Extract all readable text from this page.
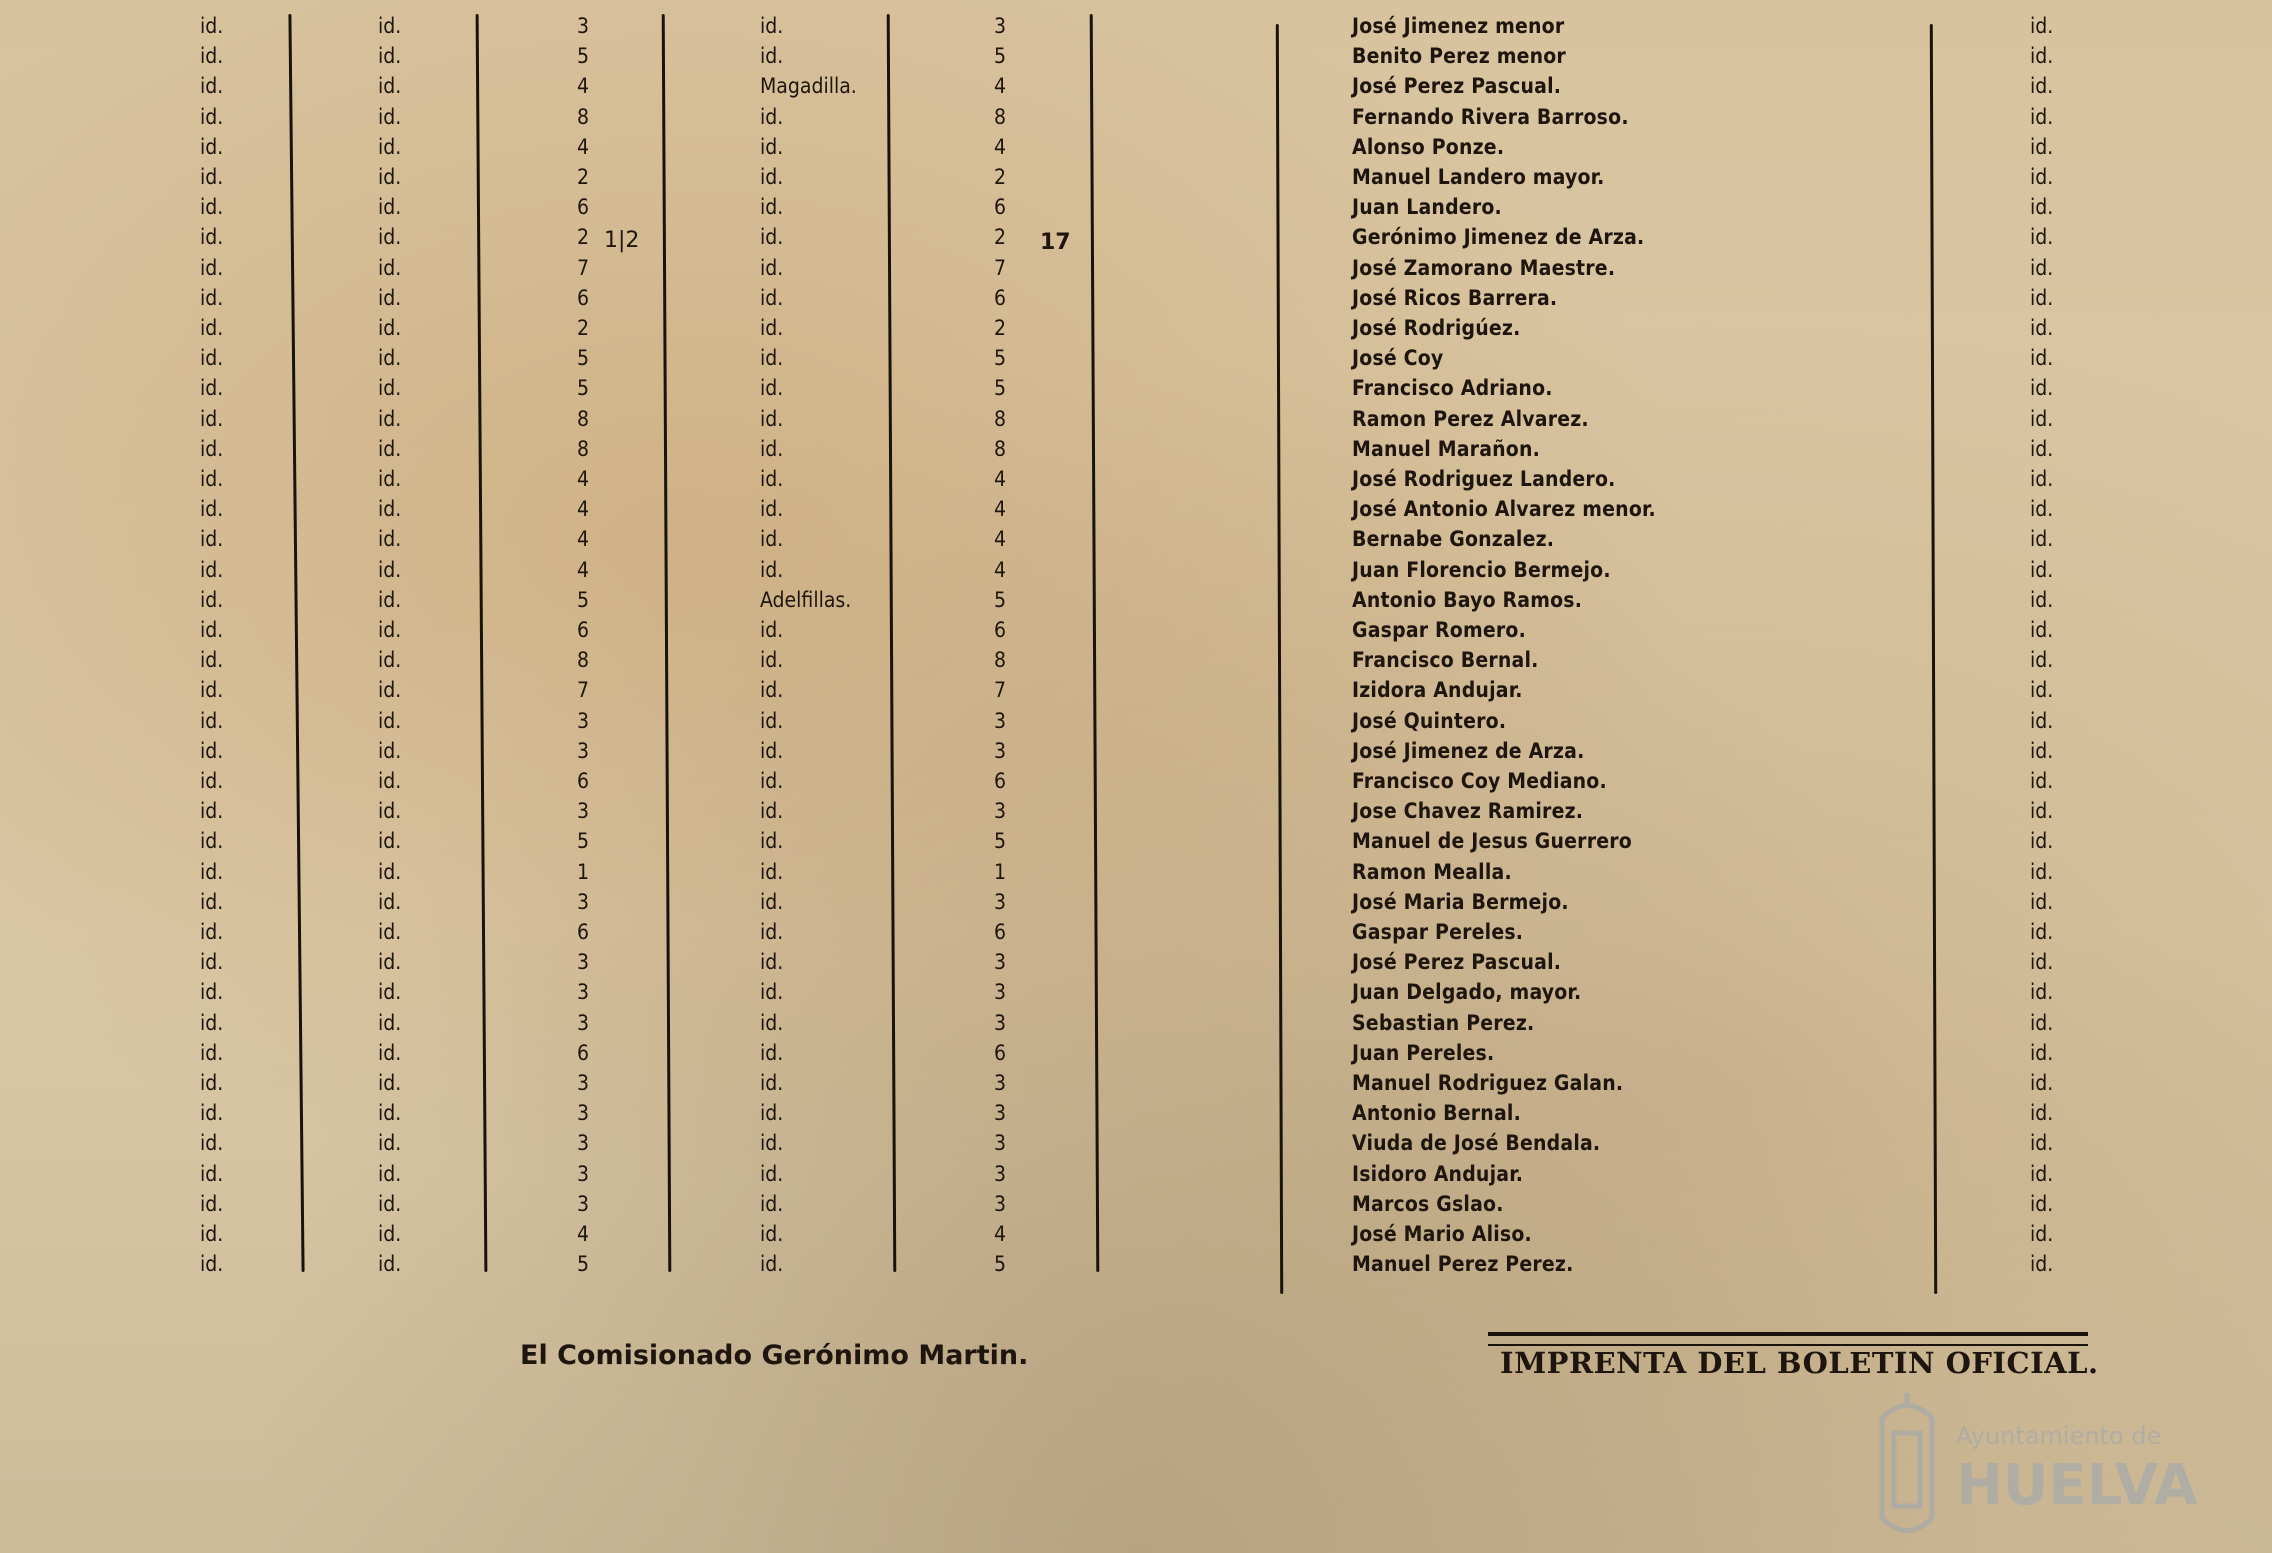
id.	id.	3	id.	3	José Jimenez menor	id.
id.	id.	5	id.	5	Benito Perez menor	id.
id.	id.	4	Magadilla.	4	José Perez Pascual.	id.
id.	id.	8	id.	8	Fernando Rivera Barroso.	id.
id.	id.	4	id.	4	Alonso Ponze.	id.
id.	id.	2	id.	2	Manuel Landero mayor.	id.
id.	id.	6	id.	6	Juan Landero.	id.
id.	id.	2	id.	2	Gerónimo Jimenez de Arza.	id.
id.	id.	7	id.	7	José Zamorano Maestre.	id.
id.	id.	6	id.	6	José Ricos Barrera.	id.
id.	id.	2	id.	2	José Rodrigúez.	id.
id.	id.	5	id.	5	José Coy	id.
id.	id.	5	id.	5	Francisco Adriano.	id.
id.	id.	8	id.	8	Ramon Perez Alvarez.	id.
id.	id.	8	id.	8	Manuel Marañon.	id.
id.	id.	4	id.	4	José Rodriguez Landero.	id.
id.	id.	4	id.	4	José Antonio Alvarez menor.	id.
id.	id.	4	id.	4	Bernabe Gonzalez.	id.
id.	id.	4	id.	4	Juan Florencio Bermejo.	id.
id.	id.	5	Adelfillas.	5	Antonio Bayo Ramos.	id.
id.	id.	6	id.	6	Gaspar Romero.	id.
id.	id.	8	id.	8	Francisco Bernal.	id.
id.	id.	7	id.	7	Izidora Andujar.	id.
id.	id.	3	id.	3	José Quintero.	id.
id.	id.	3	id.	3	José Jimenez de Arza.	id.
id.	id.	6	id.	6	Francisco Coy Mediano.	id.
id.	id.	3	id.	3	Jose Chavez Ramirez.	id.
id.	id.	5	id.	5	Manuel de Jesus Guerrero	id.
id.	id.	1	id.	1	Ramon Mealla.	id.
id.	id.	3	id.	3	José Maria Bermejo.	id.
id.	id.	6	id.	6	Gaspar Pereles.	id.
id.	id.	3	id.	3	José Perez Pascual.	id.
id.	id.	3	id.	3	Juan Delgado, mayor.	id.
id.	id.	3	id.	3	Sebastian Perez.	id.
id.	id.	6	id.	6	Juan Pereles.	id.
id.	id.	3	id.	3	Manuel Rodriguez Galan.	id.
id.	id.	3	id.	3	Antonio Bernal.	id.
id.	id.	3	id.	3	Viuda de José Bendala.	id.
id.	id.	3	id.	3	Isidoro Andujar.	id.
id.	id.	3	id.	3	Marcos Gslao.	id.
id.	id.	4	id.	4	José Mario Aliso.	id.
id.	id.	5	id.	5	Manuel Perez Perez.	id.
1|2	17
El Comisionado Gerónimo Martin.	IMPRENTA DEL BOLETIN OFICIAL.
Ayuntamiento de
HUELVA
